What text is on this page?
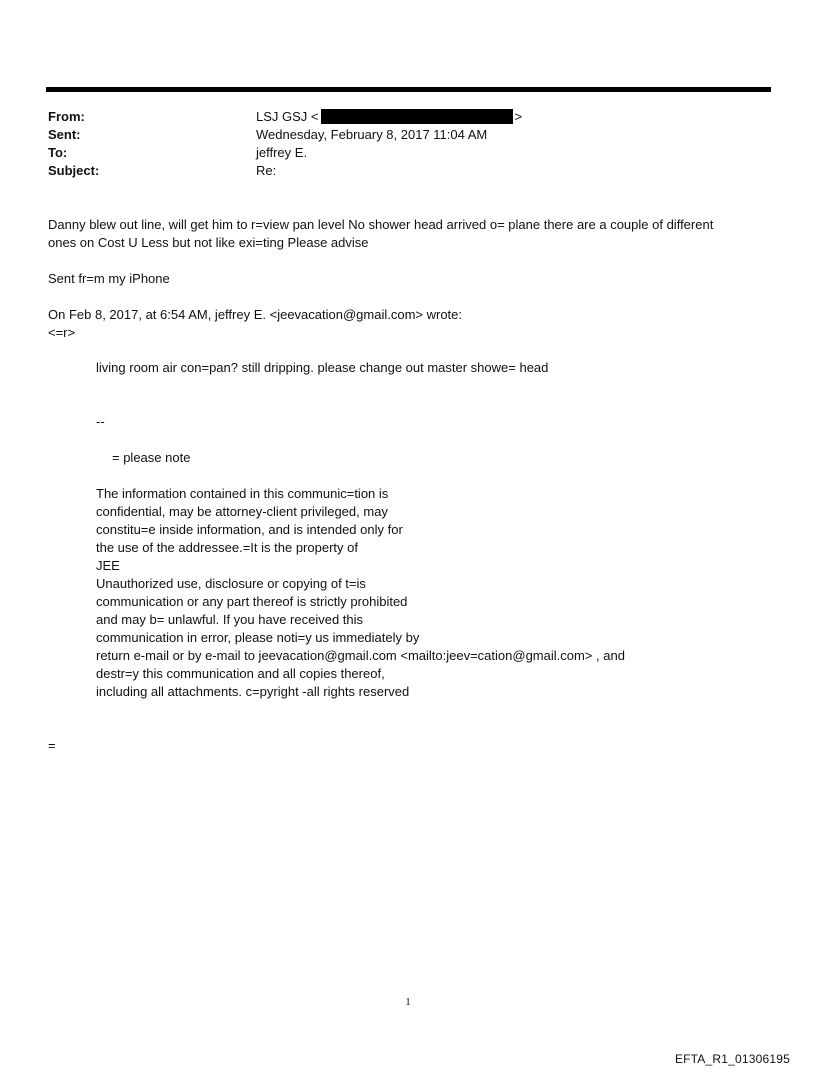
From:	LSJ GSJ <	>
Sent:	Wednesday, February 8, 2017 11:04 AM
To:	jeffrey E.
Subject:	Re:
Danny blew out line, will get him to r=view pan level No shower head arrived o= plane there are a couple of different
ones on Cost U Less but not like exi=ting Please advise
Sent fr=m my iPhone
On Feb 8, 2017, at 6:54 AM, jeffrey E. <jeevacation@gmail.com> wrote:
<=r>
living room air con=pan? still dripping. please change out master showe= head
--
= please note
The information contained in this communic=tion is
confidential, may be attorney-client privileged, may
constitu=e inside information, and is intended only for
the use of the addressee.=It is the property of
JEE
Unauthorized use, disclosure or copying of t=is
communication or any part thereof is strictly prohibited
and may b= unlawful. If you have received this
communication in error, please noti=y us immediately by
return e-mail or by e-mail to jeevacation@gmail.com <mailto:jeev=cation@gmail.com> , and
destr=y this communication and all copies thereof,
including all attachments. c=pyright -all rights reserved
=
1
EFTA_R1_01306195
